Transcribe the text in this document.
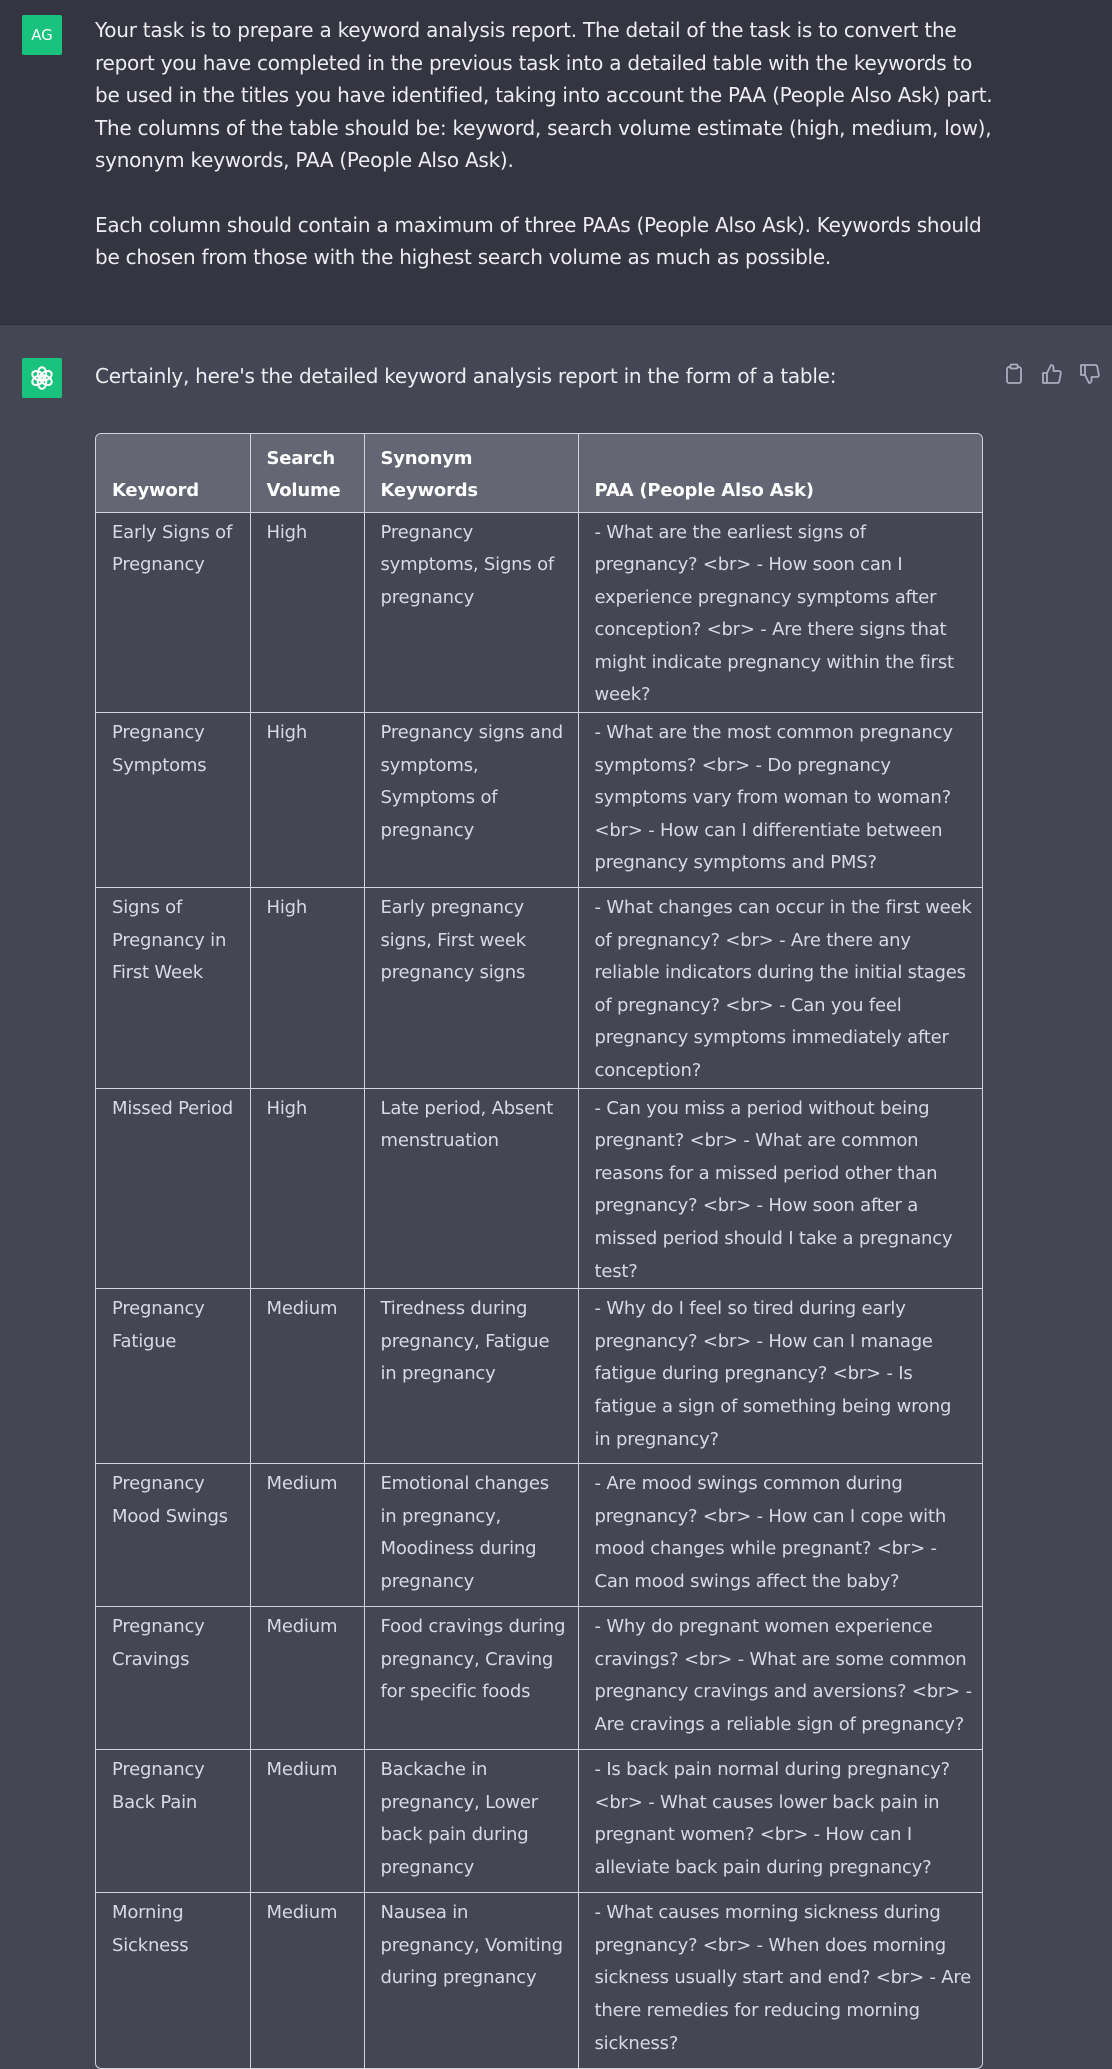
AG Your task is to prepare a keyword analysis report. The detail of the task is to convert the report you have completed in the previous task into a detailed table with the keywords to be used in the titles you have identified, taking into account the PAA (People Also Ask) part. The columns of the table should be: keyword, search volume estimate (high, medium, low), synonym keywords, PAA (People Also Ask).

Each column should contain a maximum of three PAAs (People Also Ask). Keywords should be chosen from those with the highest search volume as much as possible.

Certainly, here's the detailed keyword analysis report in the form of a table:
Keyword	Search Volume	Synonym Keywords	PAA (People Also Ask)
Early Signs of Pregnancy	High	Pregnancy symptoms, Signs of pregnancy	- What are the earliest signs of pregnancy? <br> - How soon can I experience pregnancy symptoms after conception? <br> - Are there signs that might indicate pregnancy within the first week?
Pregnancy Symptoms	High	Pregnancy signs and symptoms, Symptoms of pregnancy	- What are the most common pregnancy symptoms? <br> - Do pregnancy symptoms vary from woman to woman? <br> - How can I differentiate between pregnancy symptoms and PMS?
Signs of Pregnancy in First Week	High	Early pregnancy signs, First week pregnancy signs	- What changes can occur in the first week of pregnancy? <br> - Are there any reliable indicators during the initial stages of pregnancy? <br> - Can you feel pregnancy symptoms immediately after conception?
Missed Period	High	Late period, Absent menstruation	- Can you miss a period without being pregnant? <br> - What are common reasons for a missed period other than pregnancy? <br> - How soon after a missed period should I take a pregnancy test?
Pregnancy Fatigue	Medium	Tiredness during pregnancy, Fatigue in pregnancy	- Why do I feel so tired during early pregnancy? <br> - How can I manage fatigue during pregnancy? <br> - Is fatigue a sign of something being wrong in pregnancy?
Pregnancy Mood Swings	Medium	Emotional changes in pregnancy, Moodiness during pregnancy	- Are mood swings common during pregnancy? <br> - How can I cope with mood changes while pregnant? <br> - Can mood swings affect the baby?
Pregnancy Cravings	Medium	Food cravings during pregnancy, Craving for specific foods	- Why do pregnant women experience cravings? <br> - What are some common pregnancy cravings and aversions? <br> - Are cravings a reliable sign of pregnancy?
Pregnancy Back Pain	Medium	Backache in pregnancy, Lower back pain during pregnancy	- Is back pain normal during pregnancy? <br> - What causes lower back pain in pregnant women? <br> - How can I alleviate back pain during pregnancy?
Morning Sickness	Medium	Nausea in pregnancy, Vomiting during pregnancy	- What causes morning sickness during pregnancy? <br> - When does morning sickness usually start and end? <br> - Are there remedies for reducing morning sickness?
